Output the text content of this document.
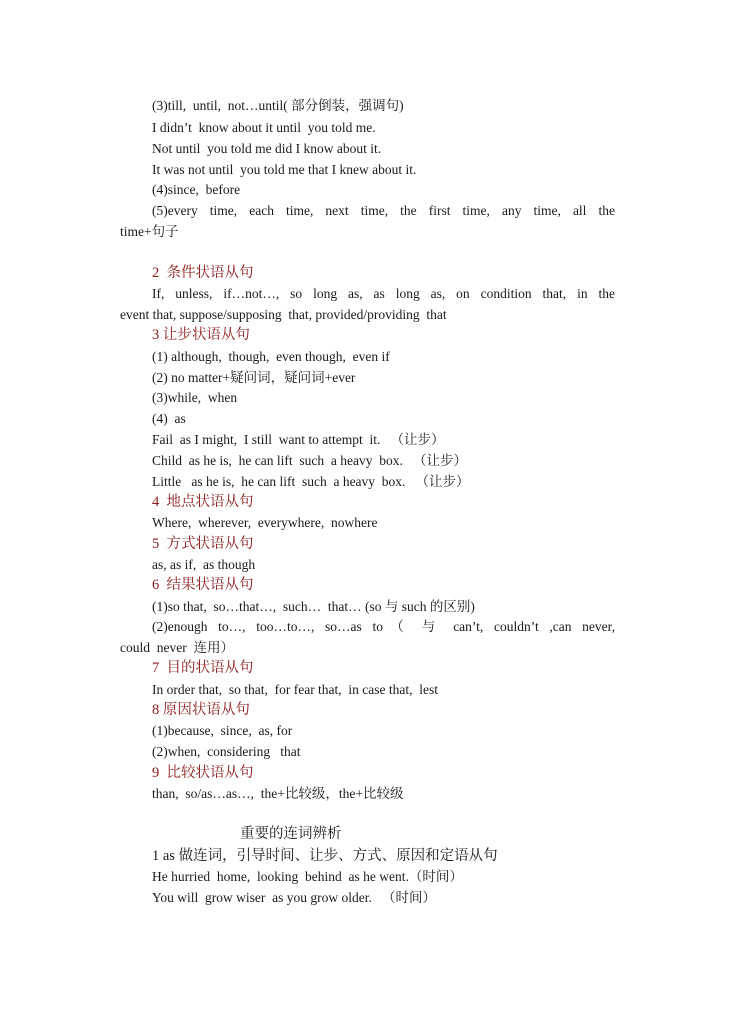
(3)till,  until,  not…until( 部分倒装，强调句)
I didn’t  know about it until  you told me.
Not until  you told me did I know about it.
It was not until  you told me that I knew about it.
(4)since,  before
(5)every time, each time, next time, the first time, any time, all the
time+句子
2  条件状语从句
If, unless, if…not…, so long as, as long as, on condition that, in the
event that, suppose/supposing  that, provided/providing  that
3 让步状语从句
(1) although,  though,  even though,  even if
(2) no matter+疑问词，疑问词+ever
(3)while,  when
(4)  as
Fail  as I might,  I still  want to attempt  it.   （让步）
Child  as he is,  he can lift  such  a heavy  box.   （让步）
Little   as he is,  he can lift  such  a heavy  box.   （让步）
4  地点状语从句
Where,  wherever,  everywhere,  nowhere
5  方式状语从句
as, as if,  as though
6  结果状语从句
(1)so that,  so…that…,  such…  that… (so 与 such 的区别)
(2)enough to…, too…to…, so…as to（ 与 can’t, couldn’t ,can never,
could  never  连用）
7  目的状语从句
In order that,  so that,  for fear that,  in case that,  lest
8 原因状语从句
(1)because,  since,  as, for
(2)when,  considering   that
9  比较状语从句
than,  so/as…as…,  the+比较级，the+比较级
重要的连词辨析
1 as 做连词，引导时间、让步、方式、原因和定语从句
He hurried  home,  looking  behind  as he went.（时间）
You will  grow wiser  as you grow older.   （时间）
